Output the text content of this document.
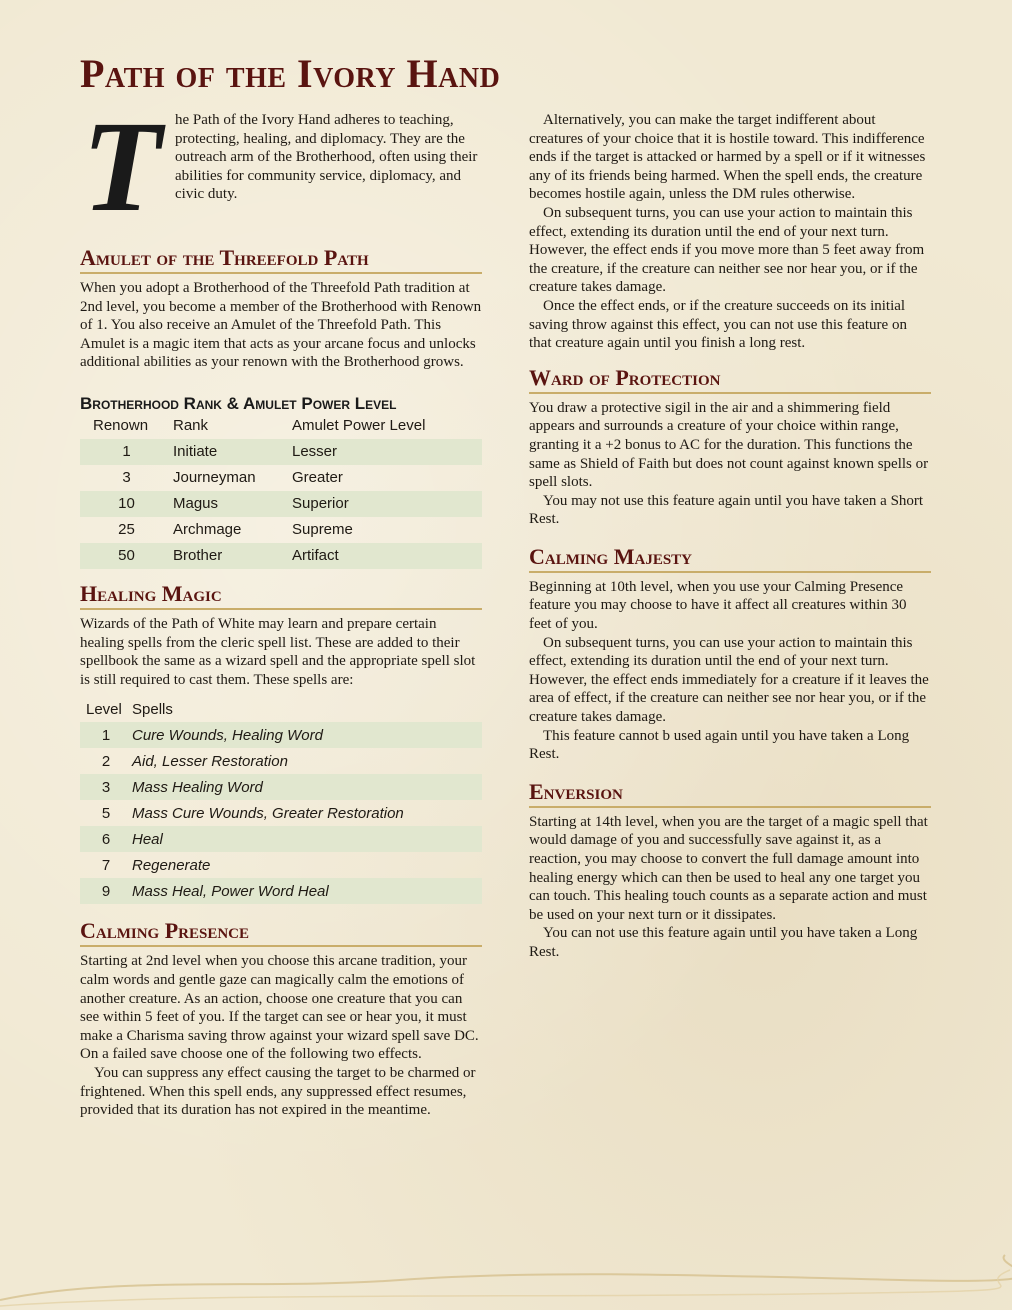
Path of the Ivory Hand
T he Path of the Ivory Hand adheres to teaching, protecting, healing, and diplomacy. They are the outreach arm of the Brotherhood, often using their abilities for community service, diplomacy, and civic duty.

Amulet of the Threefold Path

When you adopt a Brotherhood of the Threefold Path tradition at 2nd level, you become a member of the Brotherhood with Renown of 1. You also receive an Amulet of the Threefold Path. This Amulet is a magic item that acts as your arcane focus and unlocks additional abilities as your renown with the Brotherhood grows.

Brotherhood Rank & Amulet Power Level
Renown	Rank	Amulet Power Level
1	Initiate	Lesser
3	Journeyman	Greater
10	Magus	Superior
25	Archmage	Supreme
50	Brother	Artifact
Healing Magic

Wizards of the Path of White may learn and prepare certain healing spells from the cleric spell list. These are added to their spellbook the same as a wizard spell and the appropriate spell slot is still required to cast them. These spells are:

Level	Spells
1	Cure Wounds, Healing Word
2	Aid, Lesser Restoration
3	Mass Healing Word
5	Mass Cure Wounds, Greater Restoration
6	Heal
7	Regenerate
9	Mass Heal, Power Word Heal
Calming Presence

Starting at 2nd level when you choose this arcane tradition, your calm words and gentle gaze can magically calm the emotions of another creature. As an action, choose one creature that you can see within 5 feet of you. If the target can see or hear you, it must make a Charisma saving throw against your wizard spell save DC. On a failed save choose one of the following two effects.

You can suppress any effect causing the target to be charmed or frightened. When this spell ends, any suppressed effect resumes, provided that its duration has not expired in the meantime.

Alternatively, you can make the target indifferent about creatures of your choice that it is hostile toward. This indifference ends if the target is attacked or harmed by a spell or if it witnesses any of its friends being harmed. When the spell ends, the creature becomes hostile again, unless the DM rules otherwise.

On subsequent turns, you can use your action to maintain this effect, extending its duration until the end of your next turn. However, the effect ends if you move more than 5 feet away from the creature, if the creature can neither see nor hear you, or if the creature takes damage.

Once the effect ends, or if the creature succeeds on its initial saving throw against this effect, you can not use this feature on that creature again until you finish a long rest.

Ward of Protection

You draw a protective sigil in the air and a shimmering field appears and surrounds a creature of your choice within range, granting it a +2 bonus to AC for the duration. This functions the same as Shield of Faith but does not count against known spells or spell slots.

You may not use this feature again until you have taken a Short Rest.

Calming Majesty

Beginning at 10th level, when you use your Calming Presence feature you may choose to have it affect all creatures within 30 feet of you.

On subsequent turns, you can use your action to maintain this effect, extending its duration until the end of your next turn. However, the effect ends immediately for a creature if it leaves the area of effect, if the creature can neither see nor hear you, or if the creature takes damage.

This feature cannot b used again until you have taken a Long Rest.

Enversion

Starting at 14th level, when you are the target of a magic spell that would damage of you and successfully save against it, as a reaction, you may choose to convert the full damage amount into healing energy which can then be used to heal any one target you can touch. This healing touch counts as a separate action and must be used on your next turn or it dissipates.

You can not use this feature again until you have taken a Long Rest.
